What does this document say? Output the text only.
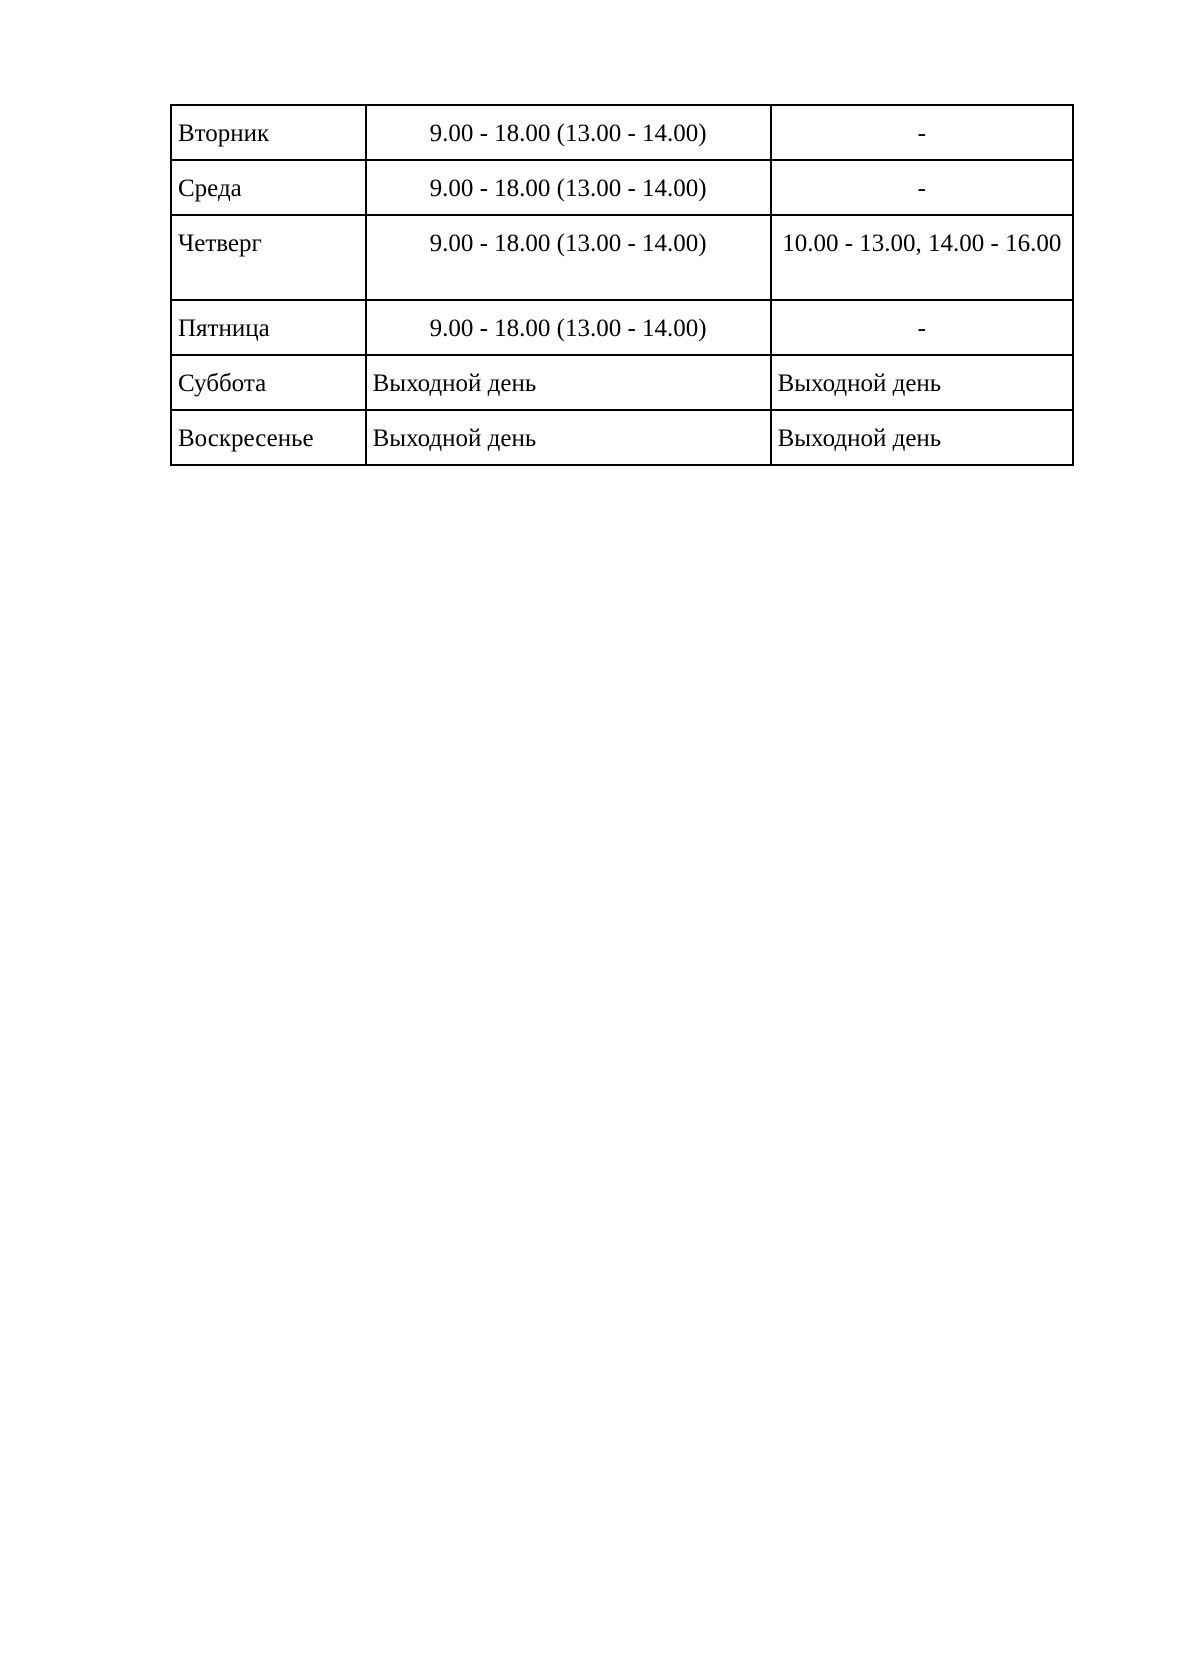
Вторник	9.00 - 18.00 (13.00 - 14.00)	-
Среда	9.00 - 18.00 (13.00 - 14.00)	-
Четверг	9.00 - 18.00 (13.00 - 14.00)	10.00 - 13.00, 14.00 - 16.00
Пятница	9.00 - 18.00 (13.00 - 14.00)	-
Суббота	Выходной день	Выходной день
Воскресенье	Выходной день	Выходной день
